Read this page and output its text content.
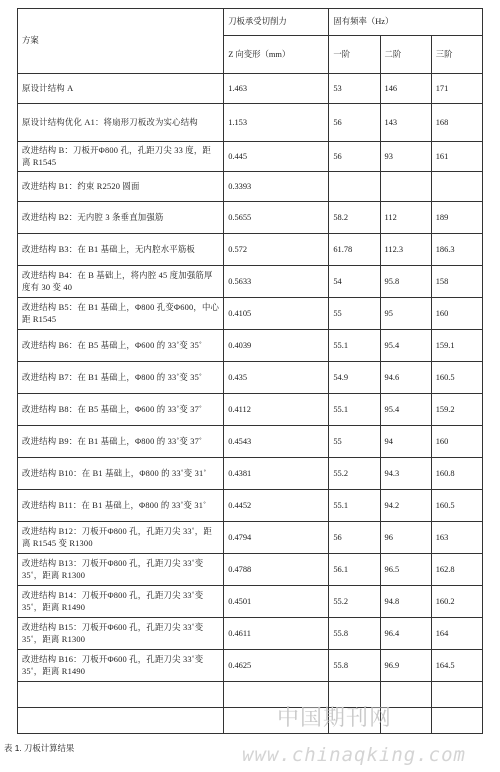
方案	刀板承受切削力	固有频率（Hz）		
	Z 向变形（mm）	一阶	二阶	三阶
原设计结构 A	1.463	53	146	171
原设计结构优化 A1：将扇形刀板改为实心结构	1.153	56	143	168
改进结构 B：刀板开Φ800 孔，孔距刀尖 33 度，距离 R1545	0.445	56	93	161
改进结构 B1：约束 R2520 圆面	0.3393			
改进结构 B2：无内腔 3 条垂直加强筋	0.5655	58.2	112	189
改进结构 B3：在 B1 基础上，无内腔水平筋板	0.572	61.78	112.3	186.3
改进结构 B4：在 B 基础上，将内腔 45 度加强筋厚度有 30 变 40	0.5633	54	95.8	158
改进结构 B5：在 B1 基础上，Φ800 孔变Φ600，中心距 R1545	0.4105	55	95	160
改进结构 B6：在 B5 基础上，Φ600 的 33˚变 35˚	0.4039	55.1	95.4	159.1
改进结构 B7：在 B1 基础上，Φ800 的 33˚变 35˚	0.435	54.9	94.6	160.5
改进结构 B8：在 B5 基础上，Φ600 的 33˚变 37˚	0.4112	55.1	95.4	159.2
改进结构 B9：在 B1 基础上，Φ800 的 33˚变 37˚	0.4543	55	94	160
改进结构 B10：在 B1 基础上，Φ800 的 33˚变 31˚	0.4381	55.2	94.3	160.8
改进结构 B11：在 B1 基础上，Φ800 的 33˚变 31˚	0.4452	55.1	94.2	160.5
改进结构 B12：刀板开Φ800 孔，孔距刀尖 33˚，距离 R1545 变 R1300	0.4794	56	96	163
改进结构 B13：刀板开Φ800 孔，孔距刀尖 33˚变 35˚，距离 R1300	0.4788	56.1	96.5	162.8
改进结构 B14：刀板开Φ800 孔，孔距刀尖 33˚变 35˚，距离 R1490	0.4501	55.2	94.8	160.2
改进结构 B15：刀板开Φ600 孔，孔距刀尖 33˚变 35˚，距离 R1300	0.4611	55.8	96.4	164
改进结构 B16：刀板开Φ600 孔，孔距刀尖 33˚变 35˚，距离 R1490	0.4625	55.8	96.9	164.5

表 1. 刀板计算结果
中国期刊网
www.chinaqking.com
